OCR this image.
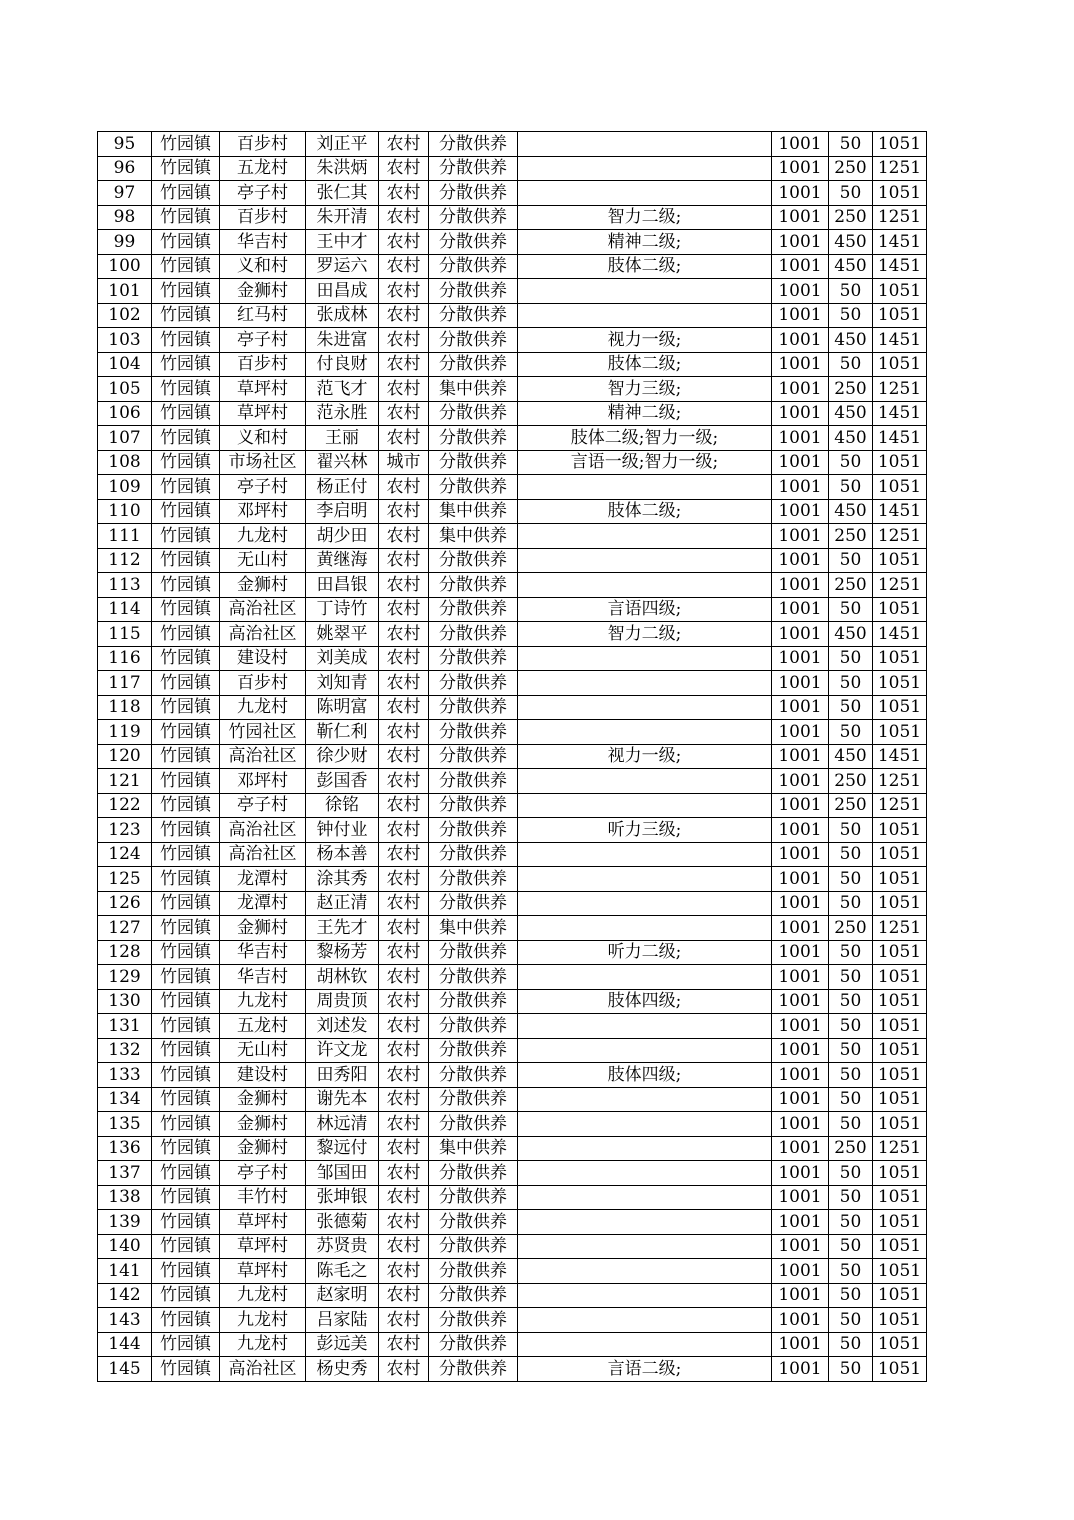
95	竹园镇	百步村	刘正平	农村	分散供养		1001	50	1051
96	竹园镇	五龙村	朱洪炳	农村	分散供养		1001	250	1251
97	竹园镇	亭子村	张仁其	农村	分散供养		1001	50	1051
98	竹园镇	百步村	朱开清	农村	分散供养	智力二级;	1001	250	1251
99	竹园镇	华吉村	王中才	农村	分散供养	精神二级;	1001	450	1451
100	竹园镇	义和村	罗运六	农村	分散供养	肢体二级;	1001	450	1451
101	竹园镇	金狮村	田昌成	农村	分散供养		1001	50	1051
102	竹园镇	红马村	张成林	农村	分散供养		1001	50	1051
103	竹园镇	亭子村	朱进富	农村	分散供养	视力一级;	1001	450	1451
104	竹园镇	百步村	付良财	农村	分散供养	肢体二级;	1001	50	1051
105	竹园镇	草坪村	范飞才	农村	集中供养	智力三级;	1001	250	1251
106	竹园镇	草坪村	范永胜	农村	分散供养	精神二级;	1001	450	1451
107	竹园镇	义和村	王丽	农村	分散供养	肢体二级;智力一级;	1001	450	1451
108	竹园镇	市场社区	翟兴林	城市	分散供养	言语一级;智力一级;	1001	50	1051
109	竹园镇	亭子村	杨正付	农村	分散供养		1001	50	1051
110	竹园镇	邓坪村	李启明	农村	集中供养	肢体二级;	1001	450	1451
111	竹园镇	九龙村	胡少田	农村	集中供养		1001	250	1251
112	竹园镇	无山村	黄继海	农村	分散供养		1001	50	1051
113	竹园镇	金狮村	田昌银	农村	分散供养		1001	250	1251
114	竹园镇	高治社区	丁诗竹	农村	分散供养	言语四级;	1001	50	1051
115	竹园镇	高治社区	姚翠平	农村	分散供养	智力二级;	1001	450	1451
116	竹园镇	建设村	刘美成	农村	分散供养		1001	50	1051
117	竹园镇	百步村	刘知青	农村	分散供养		1001	50	1051
118	竹园镇	九龙村	陈明富	农村	分散供养		1001	50	1051
119	竹园镇	竹园社区	靳仁利	农村	分散供养		1001	50	1051
120	竹园镇	高治社区	徐少财	农村	分散供养	视力一级;	1001	450	1451
121	竹园镇	邓坪村	彭国香	农村	分散供养		1001	250	1251
122	竹园镇	亭子村	徐铭	农村	分散供养		1001	250	1251
123	竹园镇	高治社区	钟付业	农村	分散供养	听力三级;	1001	50	1051
124	竹园镇	高治社区	杨本善	农村	分散供养		1001	50	1051
125	竹园镇	龙潭村	涂其秀	农村	分散供养		1001	50	1051
126	竹园镇	龙潭村	赵正清	农村	分散供养		1001	50	1051
127	竹园镇	金狮村	王先才	农村	集中供养		1001	250	1251
128	竹园镇	华吉村	黎杨芳	农村	分散供养	听力二级;	1001	50	1051
129	竹园镇	华吉村	胡林钦	农村	分散供养		1001	50	1051
130	竹园镇	九龙村	周贵顶	农村	分散供养	肢体四级;	1001	50	1051
131	竹园镇	五龙村	刘述发	农村	分散供养		1001	50	1051
132	竹园镇	无山村	许文龙	农村	分散供养		1001	50	1051
133	竹园镇	建设村	田秀阳	农村	分散供养	肢体四级;	1001	50	1051
134	竹园镇	金狮村	谢先本	农村	分散供养		1001	50	1051
135	竹园镇	金狮村	林远清	农村	分散供养		1001	50	1051
136	竹园镇	金狮村	黎远付	农村	集中供养		1001	250	1251
137	竹园镇	亭子村	邹国田	农村	分散供养		1001	50	1051
138	竹园镇	丰竹村	张坤银	农村	分散供养		1001	50	1051
139	竹园镇	草坪村	张德菊	农村	分散供养		1001	50	1051
140	竹园镇	草坪村	苏贤贵	农村	分散供养		1001	50	1051
141	竹园镇	草坪村	陈毛之	农村	分散供养		1001	50	1051
142	竹园镇	九龙村	赵家明	农村	分散供养		1001	50	1051
143	竹园镇	九龙村	吕家陆	农村	分散供养		1001	50	1051
144	竹园镇	九龙村	彭远美	农村	分散供养		1001	50	1051
145	竹园镇	高治社区	杨史秀	农村	分散供养	言语二级;	1001	50	1051
